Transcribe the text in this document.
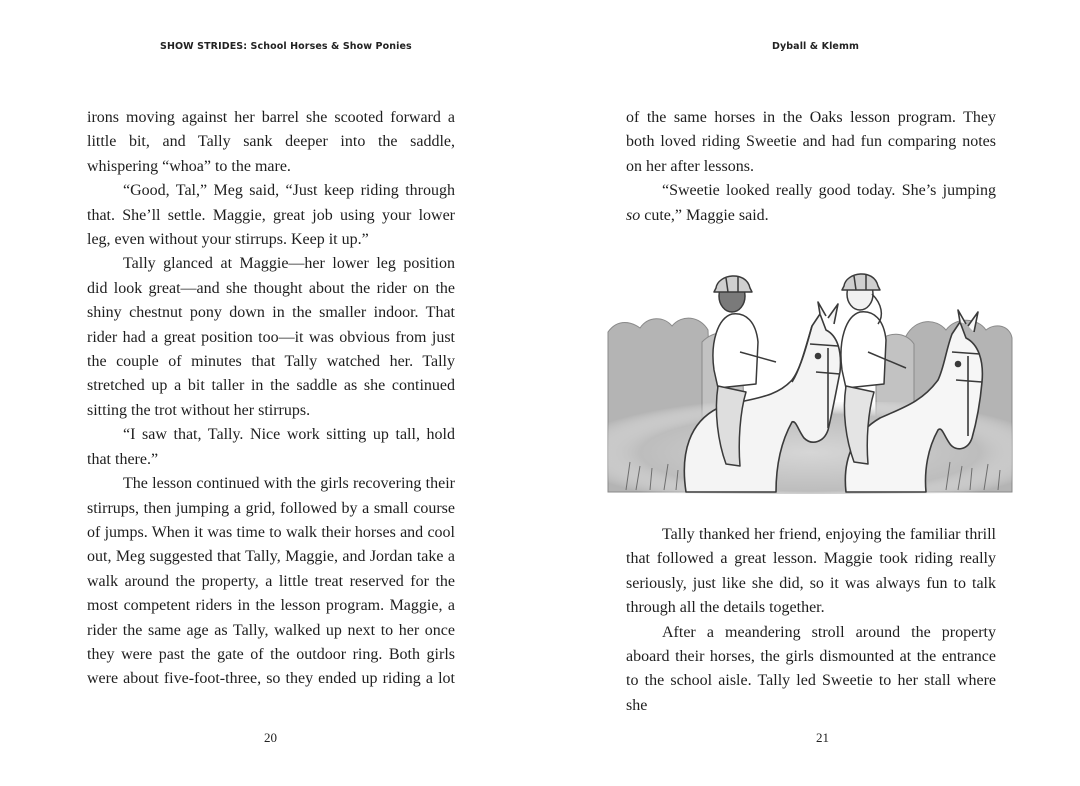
SHOW STRIDES: School Horses & Show Ponies

irons moving against her barrel she scooted forward a little bit, and Tally sank deeper into the saddle, whispering “whoa” to the mare.

“Good, Tal,” Meg said, “Just keep riding through that. She’ll settle. Maggie, great job using your lower leg, even without your stirrups. Keep it up.”

Tally glanced at Maggie—her lower leg position did look great—and she thought about the rider on the shiny chestnut pony down in the smaller indoor. That rider had a great position too—it was obvious from just the couple of minutes that Tally watched her. Tally stretched up a bit taller in the saddle as she continued sitting the trot without her stirrups.

“I saw that, Tally. Nice work sitting up tall, hold that there.”

The lesson continued with the girls recovering their stirrups, then jumping a grid, followed by a small course of jumps. When it was time to walk their horses and cool out, Meg suggested that Tally, Maggie, and Jordan take a walk around the property, a little treat reserved for the most competent riders in the lesson program. Maggie, a rider the same age as Tally, walked up next to her once they were past the gate of the outdoor ring. Both girls were about five-foot-three, so they ended up riding a lot

20
Dyball & Klemm

of the same horses in the Oaks lesson program. They both loved riding Sweetie and had fun comparing notes on her after lessons.

“Sweetie looked really good today. She’s jumping so cute,” Maggie said.

Tally thanked her friend, enjoying the familiar thrill that followed a great lesson. Maggie took riding really seriously, just like she did, so it was always fun to talk through all the details together.

After a meandering stroll around the property aboard their horses, the girls dismounted at the entrance to the school aisle. Tally led Sweetie to her stall where she

21
